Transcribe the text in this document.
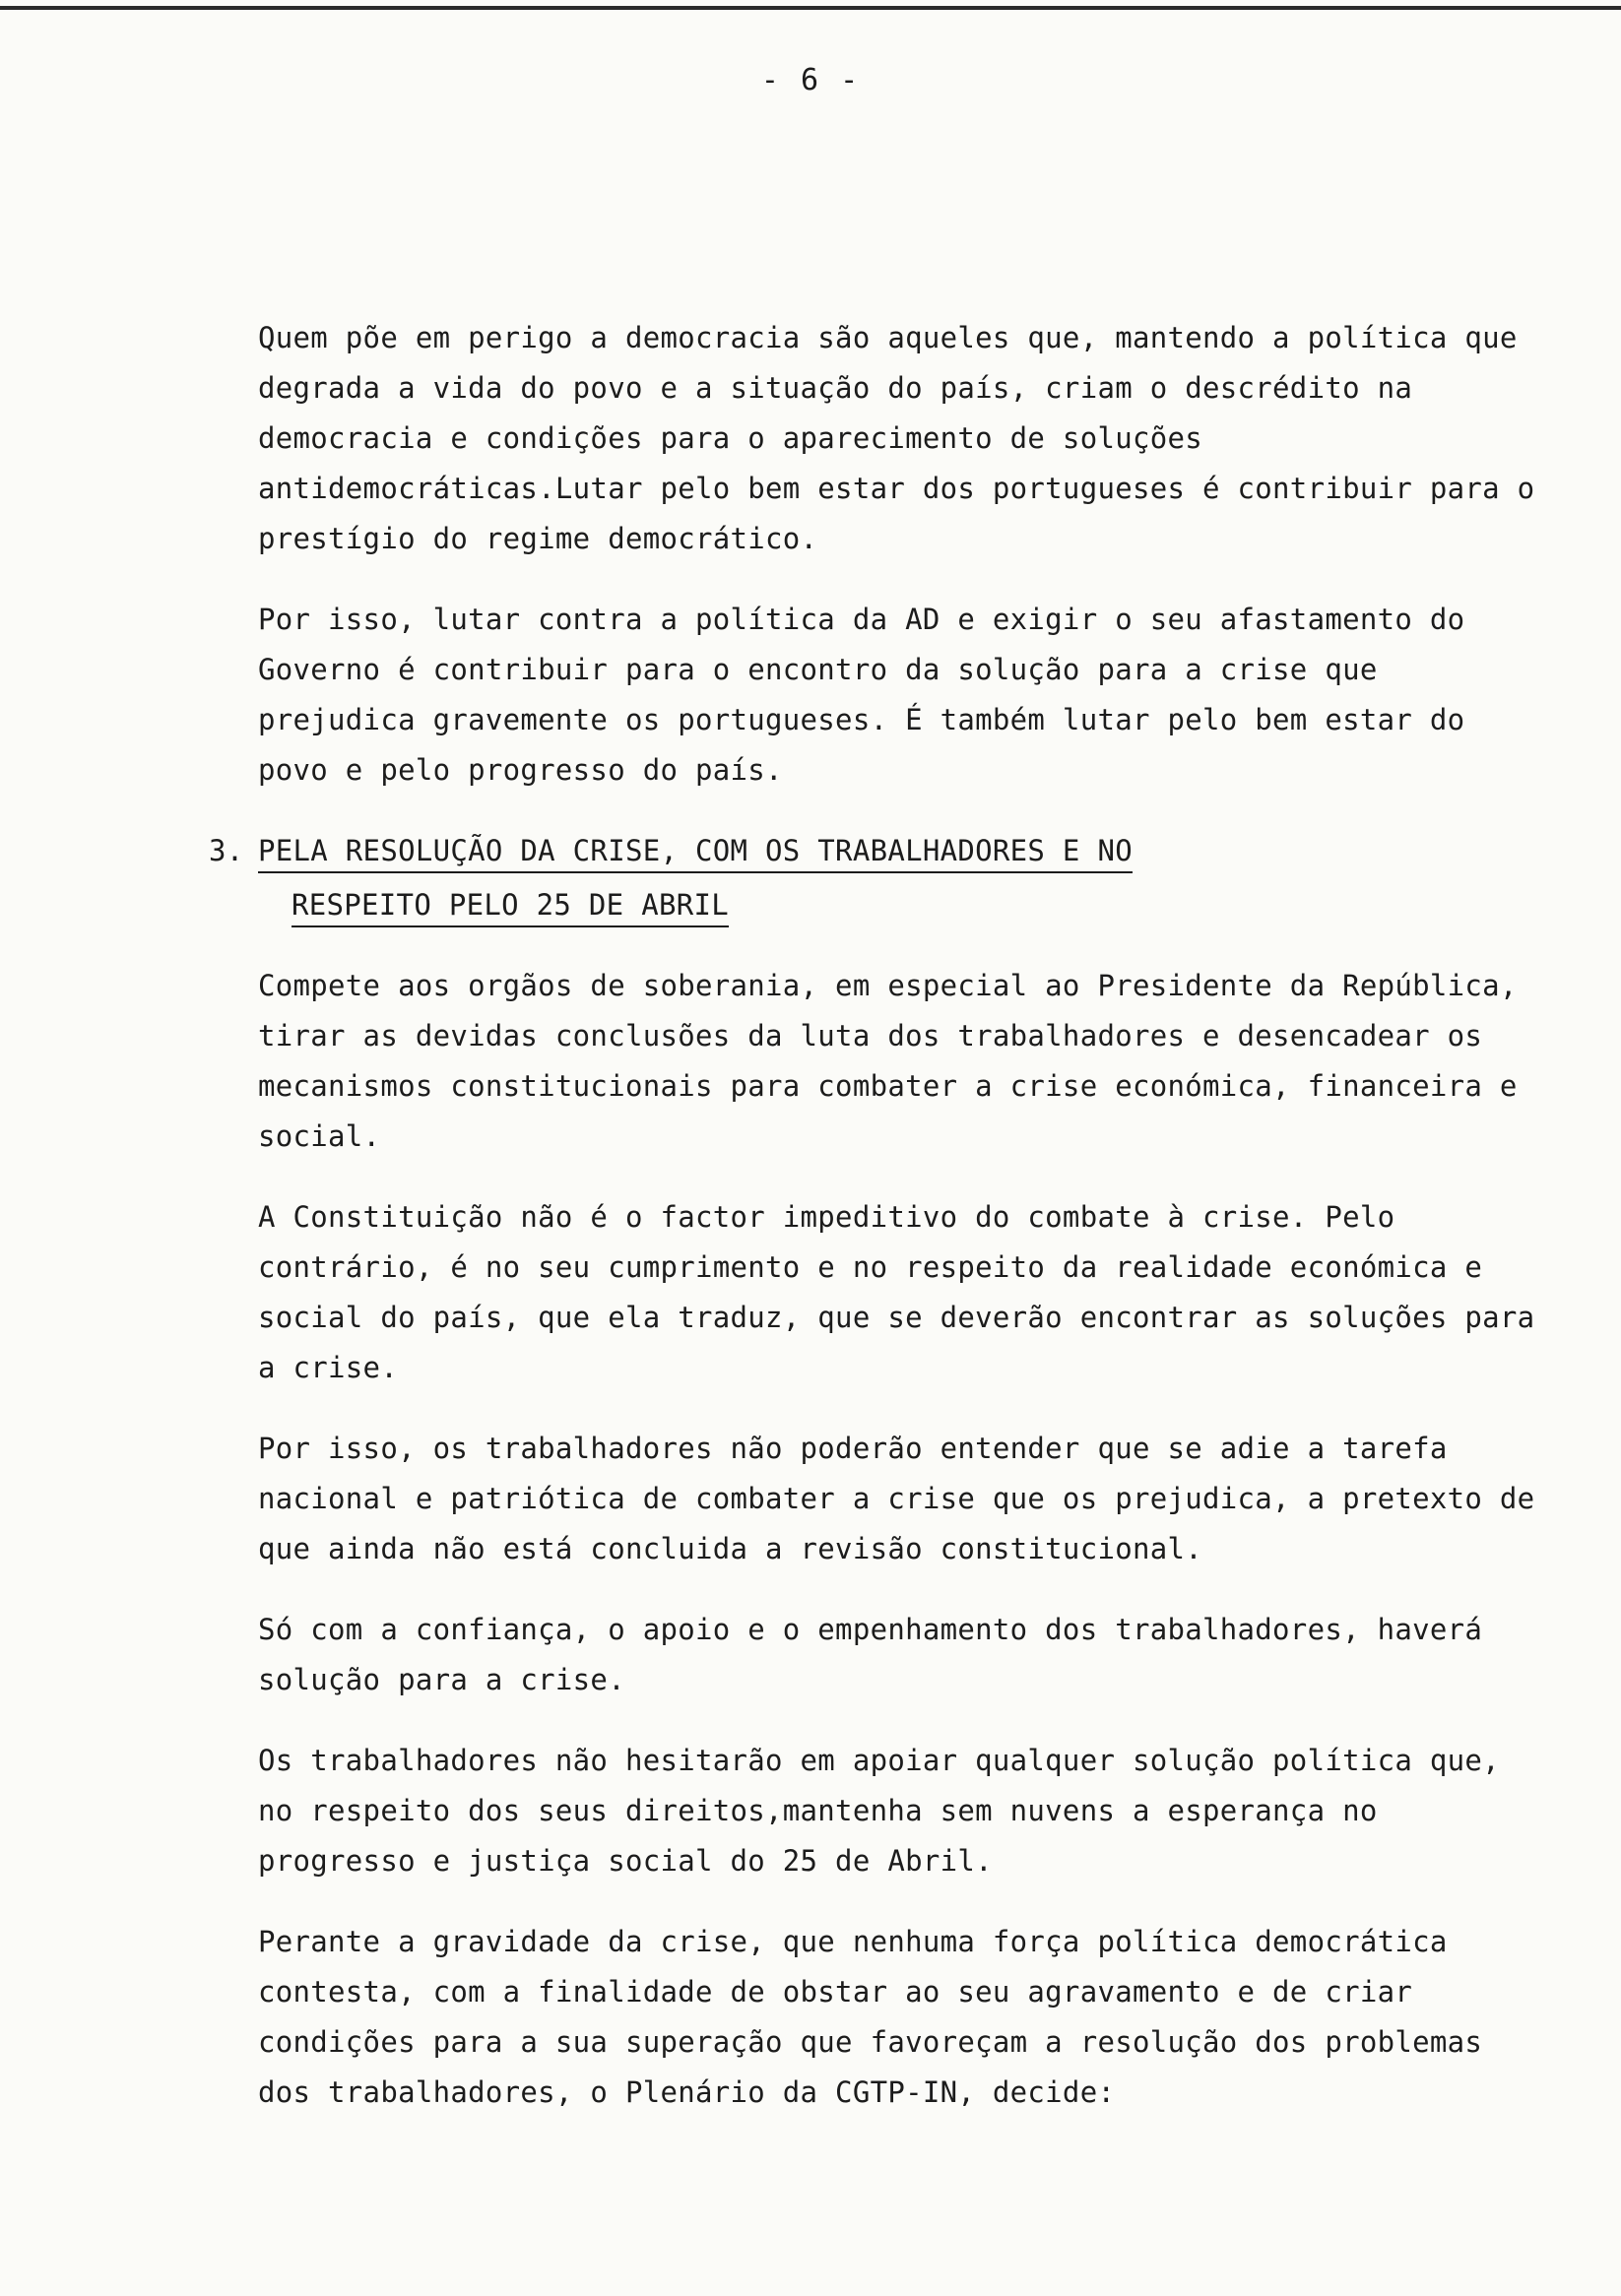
- 6 -

Quem põe em perigo a democracia são aqueles que, mantendo a política que degrada a vida do povo e a situação do país, criam o descrédito na democracia e condições para o aparecimento de soluções antidemocráticas.Lutar pelo bem estar dos portugueses é contribuir para o prestígio do regime democrático.

Por isso, lutar contra a política da AD e exigir o seu afastamento do Governo é contribuir para o encontro da solução para a crise que prejudica gravemente os portugueses. É também lutar pelo bem estar do povo e pelo progresso do país.

3. PELA RESOLUÇÃO DA CRISE, COM OS TRABALHADORES E NO
RESPEITO PELO 25 DE ABRIL

Compete aos orgãos de soberania, em especial ao Presidente da República, tirar as devidas conclusões da luta dos trabalhadores e desencadear os mecanismos constitucionais para combater a crise económica, financeira e social.

A Constituição não é o factor impeditivo do combate à crise. Pelo contrário, é no seu cumprimento e no respeito da realidade económica e social do país, que ela traduz, que se deverão encontrar as soluções para a crise.

Por isso, os trabalhadores não poderão entender que se adie a tarefa nacional e patriótica de combater a crise que os prejudica, a pretexto de que ainda não está concluida a revisão constitucional.

Só com a confiança, o apoio e o empenhamento dos trabalhadores, haverá solução para a crise.

Os trabalhadores não hesitarão em apoiar qualquer solução política que, no respeito dos seus direitos,mantenha sem nuvens a esperança no progresso e justiça social do 25 de Abril.

Perante a gravidade da crise, que nenhuma força política democrática contesta, com a finalidade de obstar ao seu agravamento e de criar condições para a sua superação que favoreçam a resolução dos problemas dos trabalhadores, o Plenário da CGTP-IN, decide:
